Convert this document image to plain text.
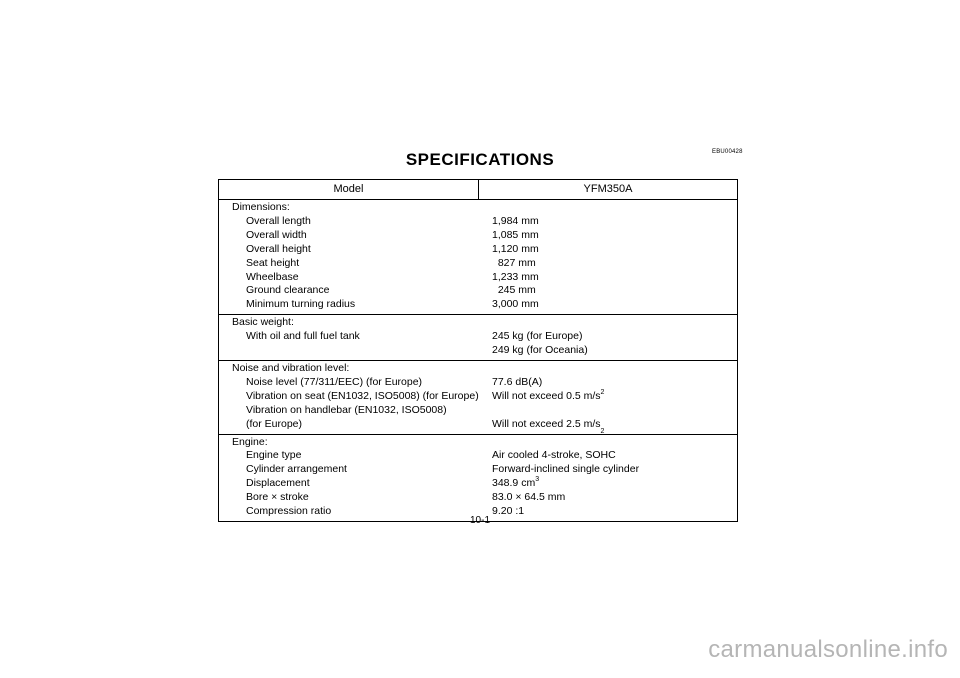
EBU00428
SPECIFICATIONS
Model	YFM350A
Dimensions:
Overall length	1,984 mm
Overall width	1,085 mm
Overall height	1,120 mm
Seat height	827 mm
Wheelbase	1,233 mm
Ground clearance	245 mm
Minimum turning radius	3,000 mm
Basic weight:
With oil and full fuel tank	245 kg (for Europe)
249 kg (for Oceania)
Noise and vibration level:
Noise level (77/311/EEC) (for Europe)	77.6 dB(A)
Vibration on seat (EN1032, ISO5008) (for Europe)	Will not exceed 0.5 $m/s^2$
Vibration on handlebar (EN1032, ISO5008)
(for Europe)	Will not exceed 2.5 m/s
2
Engine:
Engine type	Air cooled 4-stroke, SOHC
Cylinder arrangement	Forward-inclined single cylinder
Displacement	348.9 $cm^3$
Bore × stroke	83.0 × 64.5 mm
Compression ratio	9.20 :1
10-1
carmanualsonline.info
